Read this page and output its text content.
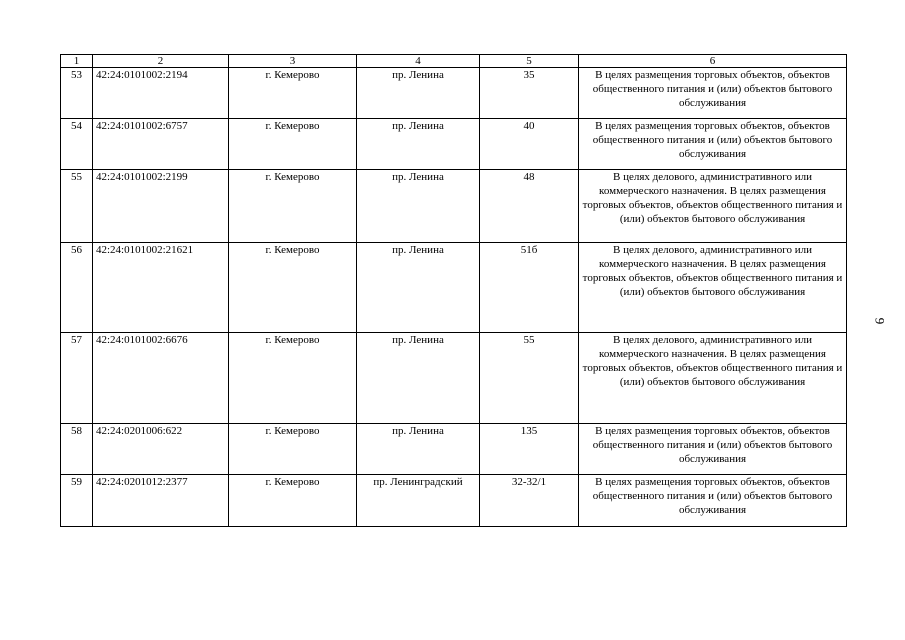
1	2	3	4	5	6
53	42:24:0101002:2194	г. Кемерово	пр. Ленина	35	В целях размещения торговых объектов, объектов общественного питания и (или) объектов бытового обслуживания
54	42:24:0101002:6757	г. Кемерово	пр. Ленина	40	В целях размещения торговых объектов, объектов общественного питания и (или) объектов бытового обслуживания
55	42:24:0101002:2199	г. Кемерово	пр. Ленина	48	В целях делового, административного или коммерческого назначения. В целях размещения торговых объектов, объектов общественного питания и (или) объектов бытового обслуживания
56	42:24:0101002:21621	г. Кемерово	пр. Ленина	51б	В целях делового, административного или коммерческого назначения. В целях размещения торговых объектов, объектов общественного питания и (или) объектов бытового обслуживания
57	42:24:0101002:6676	г. Кемерово	пр. Ленина	55	В целях делового, административного или коммерческого назначения. В целях размещения торговых объектов, объектов общественного питания и (или) объектов бытового обслуживания
58	42:24:0201006:622	г. Кемерово	пр. Ленина	135	В целях размещения торговых объектов, объектов общественного питания и (или) объектов бытового обслуживания
59	42:24:0201012:2377	г. Кемерово	пр. Ленинградский	32-32/1	В целях размещения торговых объектов, объектов общественного питания и (или) объектов бытового обслуживания
9
